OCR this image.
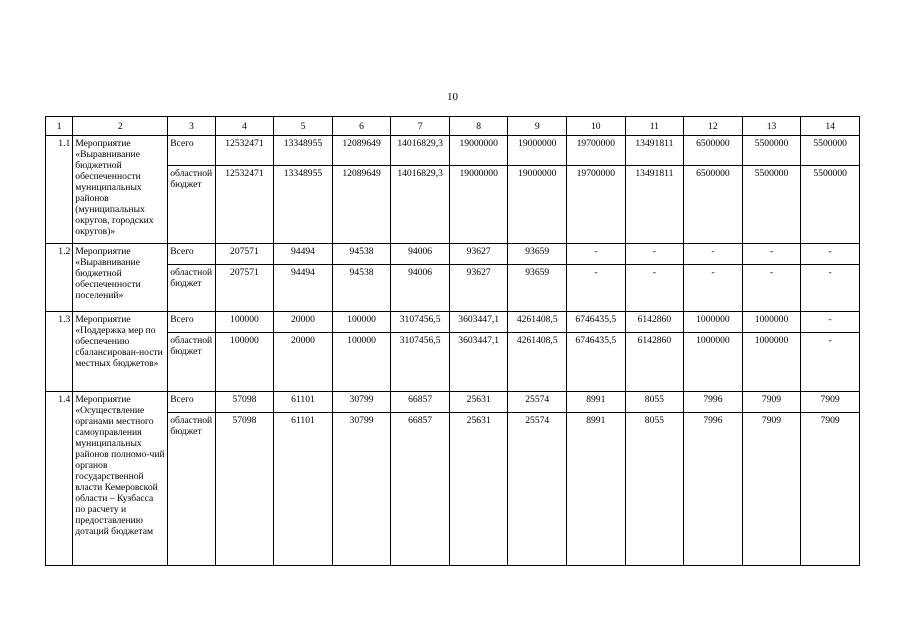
10
1	2	3	4	5	6	7	8	9	10	11	12	13	14
1.1	Мероприятие «Выравнивание бюджетной обеспеченности муниципальных районов (муниципальных округов, городских округов)»	Всего	12532471	13348955	12089649	14016829,3	19000000	19000000	19700000	13491811	6500000	5500000	5500000
		областной бюджет	12532471	13348955	12089649	14016829,3	19000000	19000000	19700000	13491811	6500000	5500000	5500000
1.2	Мероприятие «Выравнивание бюджетной обеспеченности поселений»	Всего	207571	94494	94538	94006	93627	93659	-	-	-	-	-
		областной бюджет	207571	94494	94538	94006	93627	93659	-	-	-	-	-
1.3	Мероприятие «Поддержка мер по обеспечению сбалансирован-ности местных бюджетов»	Всего	100000	20000	100000	3107456,5	3603447,1	4261408,5	6746435,5	6142860	1000000	1000000	-
		областной бюджет	100000	20000	100000	3107456,5	3603447,1	4261408,5	6746435,5	6142860	1000000	1000000	-
1.4	Мероприятие «Осуществление органами местного самоуправления муниципальных районов полномо-чий органов государственной власти Кемеровской области – Кузбасса по расчету и предоставлению дотаций бюджетам	Всего	57098	61101	30799	66857	25631	25574	8991	8055	7996	7909	7909
		областной бюджет	57098	61101	30799	66857	25631	25574	8991	8055	7996	7909	7909
